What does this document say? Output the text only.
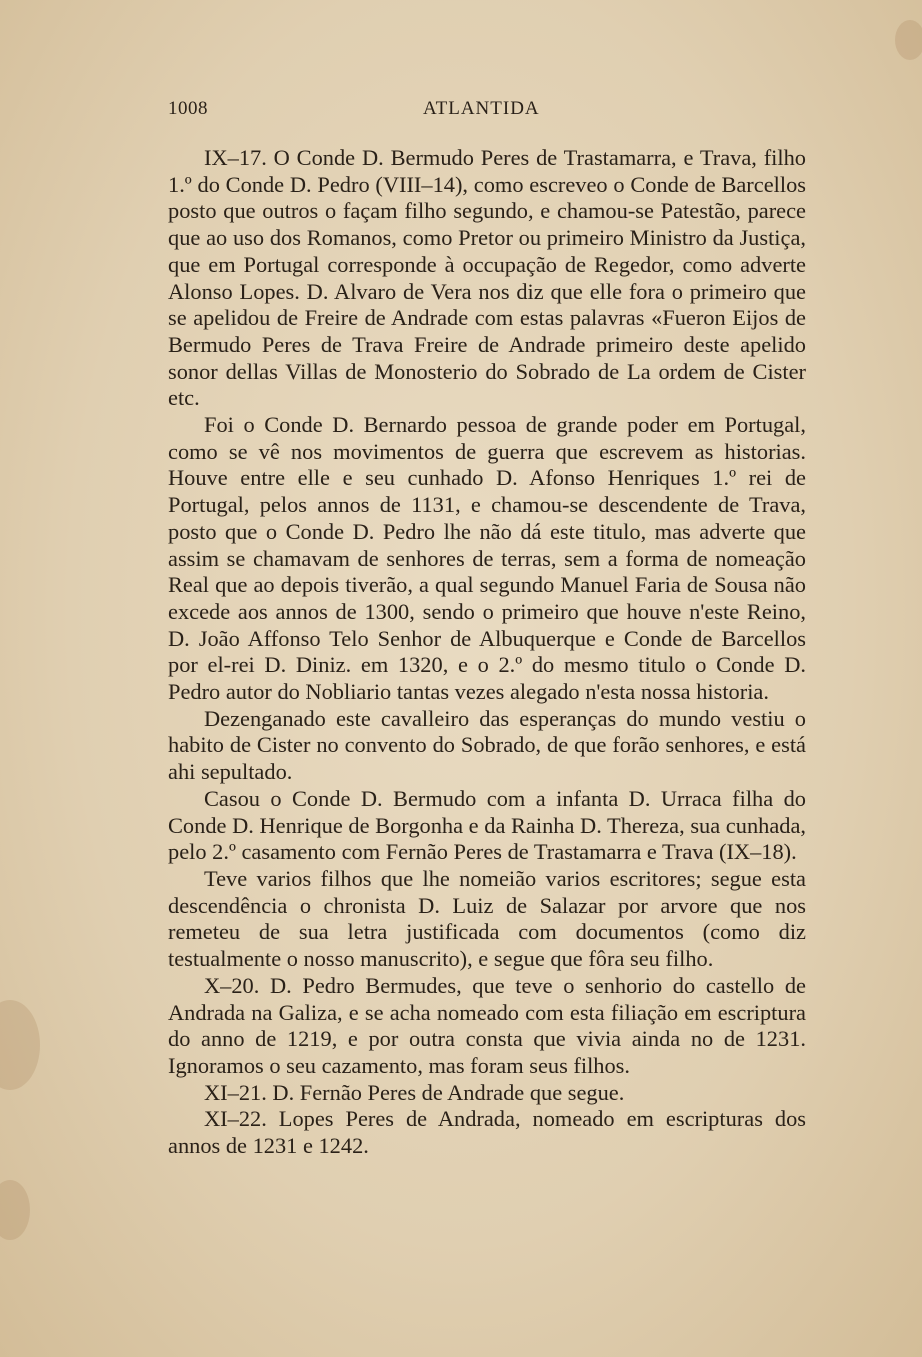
1008	ATLANTIDA

IX–17. O Conde D. Bermudo Peres de Trastamarra, e Trava, filho 1.º do Conde D. Pedro (VIII–14), como escreveo o Conde de Barcellos posto que outros o façam filho segundo, e chamou-se Patestão, parece que ao uso dos Romanos, como Pretor ou primeiro Ministro da Justiça, que em Portugal corresponde à occupação de Regedor, como adverte Alonso Lopes. D. Alvaro de Vera nos diz que elle fora o primeiro que se apelidou de Freire de Andrade com estas palavras «Fueron Eijos de Bermudo Peres de Trava Freire de Andrade primeiro deste apelido sonor dellas Villas de Monosterio do Sobrado de La ordem de Cister etc.

Foi o Conde D. Bernardo pessoa de grande poder em Portugal, como se vê nos movimentos de guerra que escrevem as historias. Houve entre elle e seu cunhado D. Afonso Henriques 1.º rei de Portugal, pelos annos de 1131, e chamou-se descendente de Trava, posto que o Conde D. Pedro lhe não dá este titulo, mas adverte que assim se chamavam de senhores de terras, sem a forma de nomeação Real que ao depois tiverão, a qual segundo Manuel Faria de Sousa não excede aos annos de 1300, sendo o primeiro que houve n'este Reino, D. João Affonso Telo Senhor de Albuquerque e Conde de Barcellos por el-rei D. Diniz. em 1320, e o 2.º do mesmo titulo o Conde D. Pedro autor do Nobliario tantas vezes alegado n'esta nossa historia.

Dezenganado este cavalleiro das esperanças do mundo vestiu o habito de Cister no convento do Sobrado, de que forão senhores, e está ahi sepultado.

Casou o Conde D. Bermudo com a infanta D. Urraca filha do Conde D. Henrique de Borgonha e da Rainha D. Thereza, sua cunhada, pelo 2.º casamento com Fernão Peres de Trastamarra e Trava (IX–18).

Teve varios filhos que lhe nomeião varios escritores; segue esta descendência o chronista D. Luiz de Salazar por arvore que nos remeteu de sua letra justificada com documentos (como diz testualmente o nosso manuscrito), e segue que fôra seu filho.

X–20. D. Pedro Bermudes, que teve o senhorio do castello de Andrada na Galiza, e se acha nomeado com esta filiação em escriptura do anno de 1219, e por outra consta que vivia ainda no de 1231. Ignoramos o seu cazamento, mas foram seus filhos.

XI–21. D. Fernão Peres de Andrade que segue.

XI–22. Lopes Peres de Andrada, nomeado em escripturas dos annos de 1231 e 1242.
